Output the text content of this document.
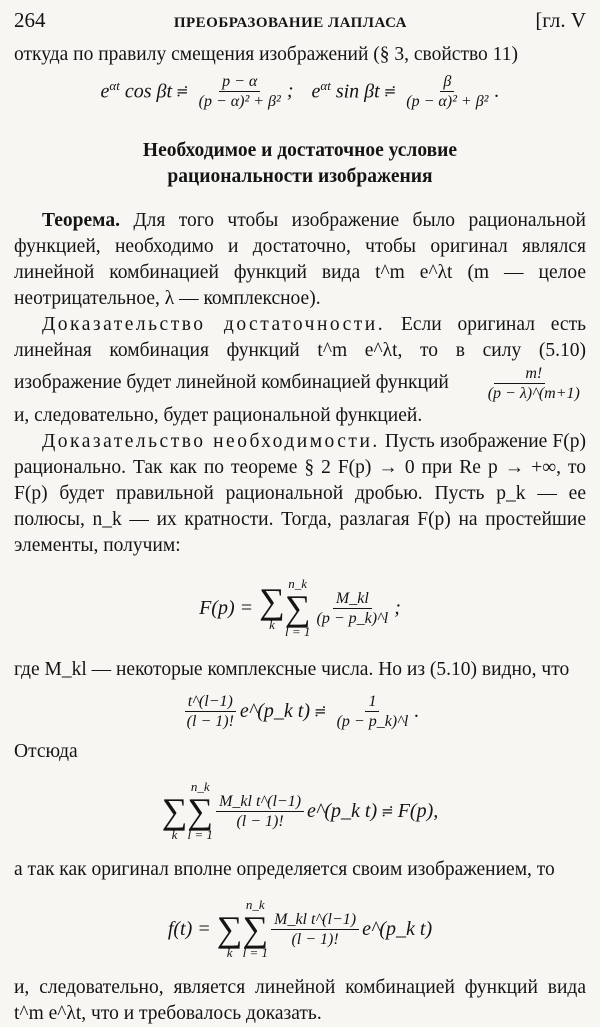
264	ПРЕОБРАЗОВАНИЕ ЛАПЛАСА	[гл. V

откуда по правилу смещения изображений (§ 3, свойство 11)

$e^{\alpha t}$ cos βt ≓ $\frac{p - \alpha}{\text{(p − α)² + β²}}$ ; $e^{\alpha t}$ sin βt ≓ $\frac{\beta}{\text{(p − α)² + β²}}$ .

Необходимое и достаточное условие

рациональности изображения

Теорема. Для того чтобы изображение было рациональной функцией, необходимо и достаточно, чтобы оригинал являлся линейной комбинацией функций вида t^m e^λt (m — целое неотрицательное, λ — комплексное).

Доказательство достаточности. Если оригинал есть линейная комбинация функций t^m e^λt, то в силу (5.10) изображение будет линейной комбинацией функций $\frac{m!}{(p - \lambda)\^{}(m+1)}$

и, следовательно, будет рациональной функцией.

Доказательство необходимости. Пусть изображение F(p) рационально. Так как по теореме § 2 F(p) → 0 при Re p → +∞, то F(p) будет правильной рациональной дробью. Пусть p_k — ее полюсы, n_k — их кратности. Тогда, разлагая F(p) на простейшие элементы, получим:

F(p) = ∑
k
n_k
∑
l = 1
$\frac{M\_kl}{(p - p\_k)\^{}l}$ ;

где M_kl — некоторые комплексные числа. Но из (5.10) видно, что

$\frac{t\^{}(l-1)}{(l - 1)!}$ e^(p_k t) ≓ $\frac{1}{(p - p\_k)\^{}l}$ .

Отсюда

∑
k
n_k
∑
l = 1
$\frac{\text{M\_kl t\textasciicircum{}(l−1)}}{(l - 1)!}$ e^(p_k t) ≓ F(p),

а так как оригинал вполне определяется своим изображением, то

f(t) =
∑
k
n_k
∑
l = 1
$\frac{\text{M\_kl t\textasciicircum{}(l−1)}}{(l - 1)!}$ e^(p_k t)

и, следовательно, является линейной комбинацией функций вида t^m e^λt, что и требовалось доказать.
